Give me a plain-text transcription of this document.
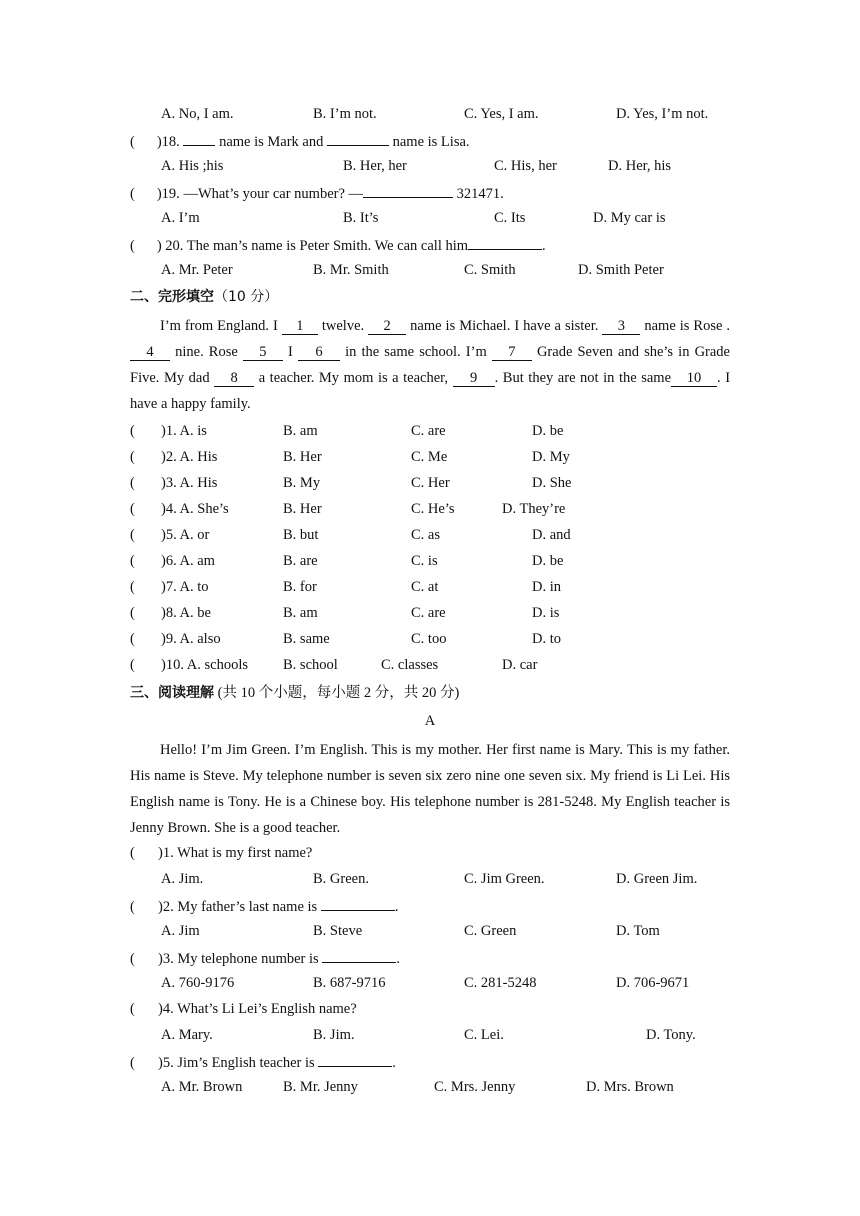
A. No, I am.	B. I’m not.	C. Yes, I am.	D. Yes, I’m not.
( )18.	name is Mark and	name is Lisa.
A. His ;his	B. Her, her	C. His, her	D. Her, his
( )19. —What’s your car number? —	321471.
A. I’m	B. It’s	C. Its	D. My car is
( ) 20. The man’s name is Peter Smith. We can call him	.
A. Mr. Peter	B. Mr. Smith	C. Smith	D. Smith Peter
二、完形填空（10 分）
I’m from England. I 1 twelve. 2 name is Michael. I have a sister. 3 name is Rose . 4 nine. Rose 5 I 6 in the same school. I’m 7 Grade Seven and she’s in Grade Five. My dad 8 a teacher. My mom is a teacher, 9 . But they are not in the same 10 . I have a happy family.
( )1. A. is	B. am	C. are	D. be
( )2. A. His	B. Her	C. Me	D. My
( )3. A. His	B. My	C. Her	D. She
( )4. A. She’s	B. Her	C. He’s	D. They’re
( )5. A. or	B. but	C. as	D. and
( )6. A. am	B. are	C. is	D. be
( )7. A. to	B. for	C. at	D. in
( )8. A. be	B. am	C. are	D. is
( )9. A. also	B. same	C. too	D. to
( )10. A. schools B. school	C. classes	D. car
三、阅读理解 (共 10 个小题，每小题 2 分，共 20 分)
A
Hello! I’m Jim Green. I’m English. This is my mother. Her first name is Mary. This is my father. His name is Steve. My telephone number is seven six zero nine one seven six. My friend is Li Lei. His English name is Tony. He is a Chinese boy. His telephone number is 281-5248. My English teacher is Jenny Brown. She is a good teacher.
( )1. What is my first name?
A. Jim.	B. Green.	C. Jim Green.	D. Green Jim.
( )2. My father’s last name is	.
A. Jim	B. Steve	C. Green	D. Tom
( )3. My telephone number is	.
A. 760-9176	B. 687-9716	C. 281-5248	D. 706-9671
( )4. What’s Li Lei’s English name?
A. Mary.	B. Jim.	C. Lei.	D. Tony.
( )5. Jim’s English teacher is	.
A. Mr. Brown	B. Mr. Jenny	C. Mrs. Jenny	D. Mrs. Brown
